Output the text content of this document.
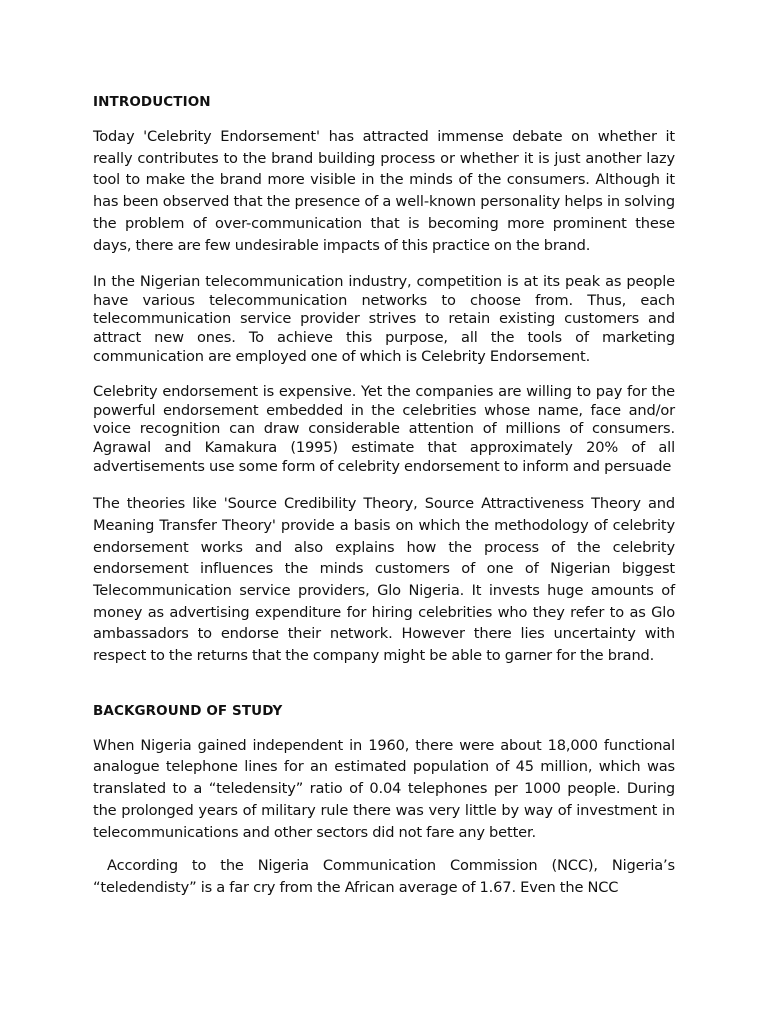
INTRODUCTION

Today 'Celebrity Endorsement' has attracted immense debate on whether it really contributes to the brand building process or whether it is just another lazy tool to make the brand more visible in the minds of the consumers. Although it has been observed that the presence of a well-known personality helps in solving the problem of over-communication that is becoming more prominent these days, there are few undesirable impacts of this practice on the brand.

In the Nigerian telecommunication industry, competition is at its peak as people have various telecommunication networks to choose from. Thus, each telecommunication service provider strives to retain existing customers and attract new ones. To achieve this purpose, all the tools of marketing communication are employed one of which is Celebrity Endorsement.

Celebrity endorsement is expensive. Yet the companies are willing to pay for the powerful endorsement embedded in the celebrities whose name, face and/or voice recognition can draw considerable attention of millions of consumers. Agrawal and Kamakura (1995) estimate that approximately 20% of all advertisements use some form of celebrity endorsement to inform and persuade

The theories like 'Source Credibility Theory, Source Attractiveness Theory and Meaning Transfer Theory' provide a basis on which the methodology of celebrity endorsement works and also explains how the process of the celebrity endorsement influences the minds customers of one of Nigerian biggest Telecommunication service providers, Glo Nigeria. It invests huge amounts of money as advertising expenditure for hiring celebrities who they refer to as Glo ambassadors to endorse their network. However there lies uncertainty with respect to the returns that the company might be able to garner for the brand.

BACKGROUND OF STUDY

When Nigeria gained independent in 1960, there were about 18,000 functional analogue telephone lines for an estimated population of 45 million, which was translated to a “teledensity” ratio of 0.04 telephones per 1000 people. During the prolonged years of military rule there was very little by way of investment in telecommunications and other sectors did not fare any better.

According to the Nigeria Communication Commission (NCC), Nigeria’s “teledendisty” is a far cry from the African average of 1.67. Even the NCC
